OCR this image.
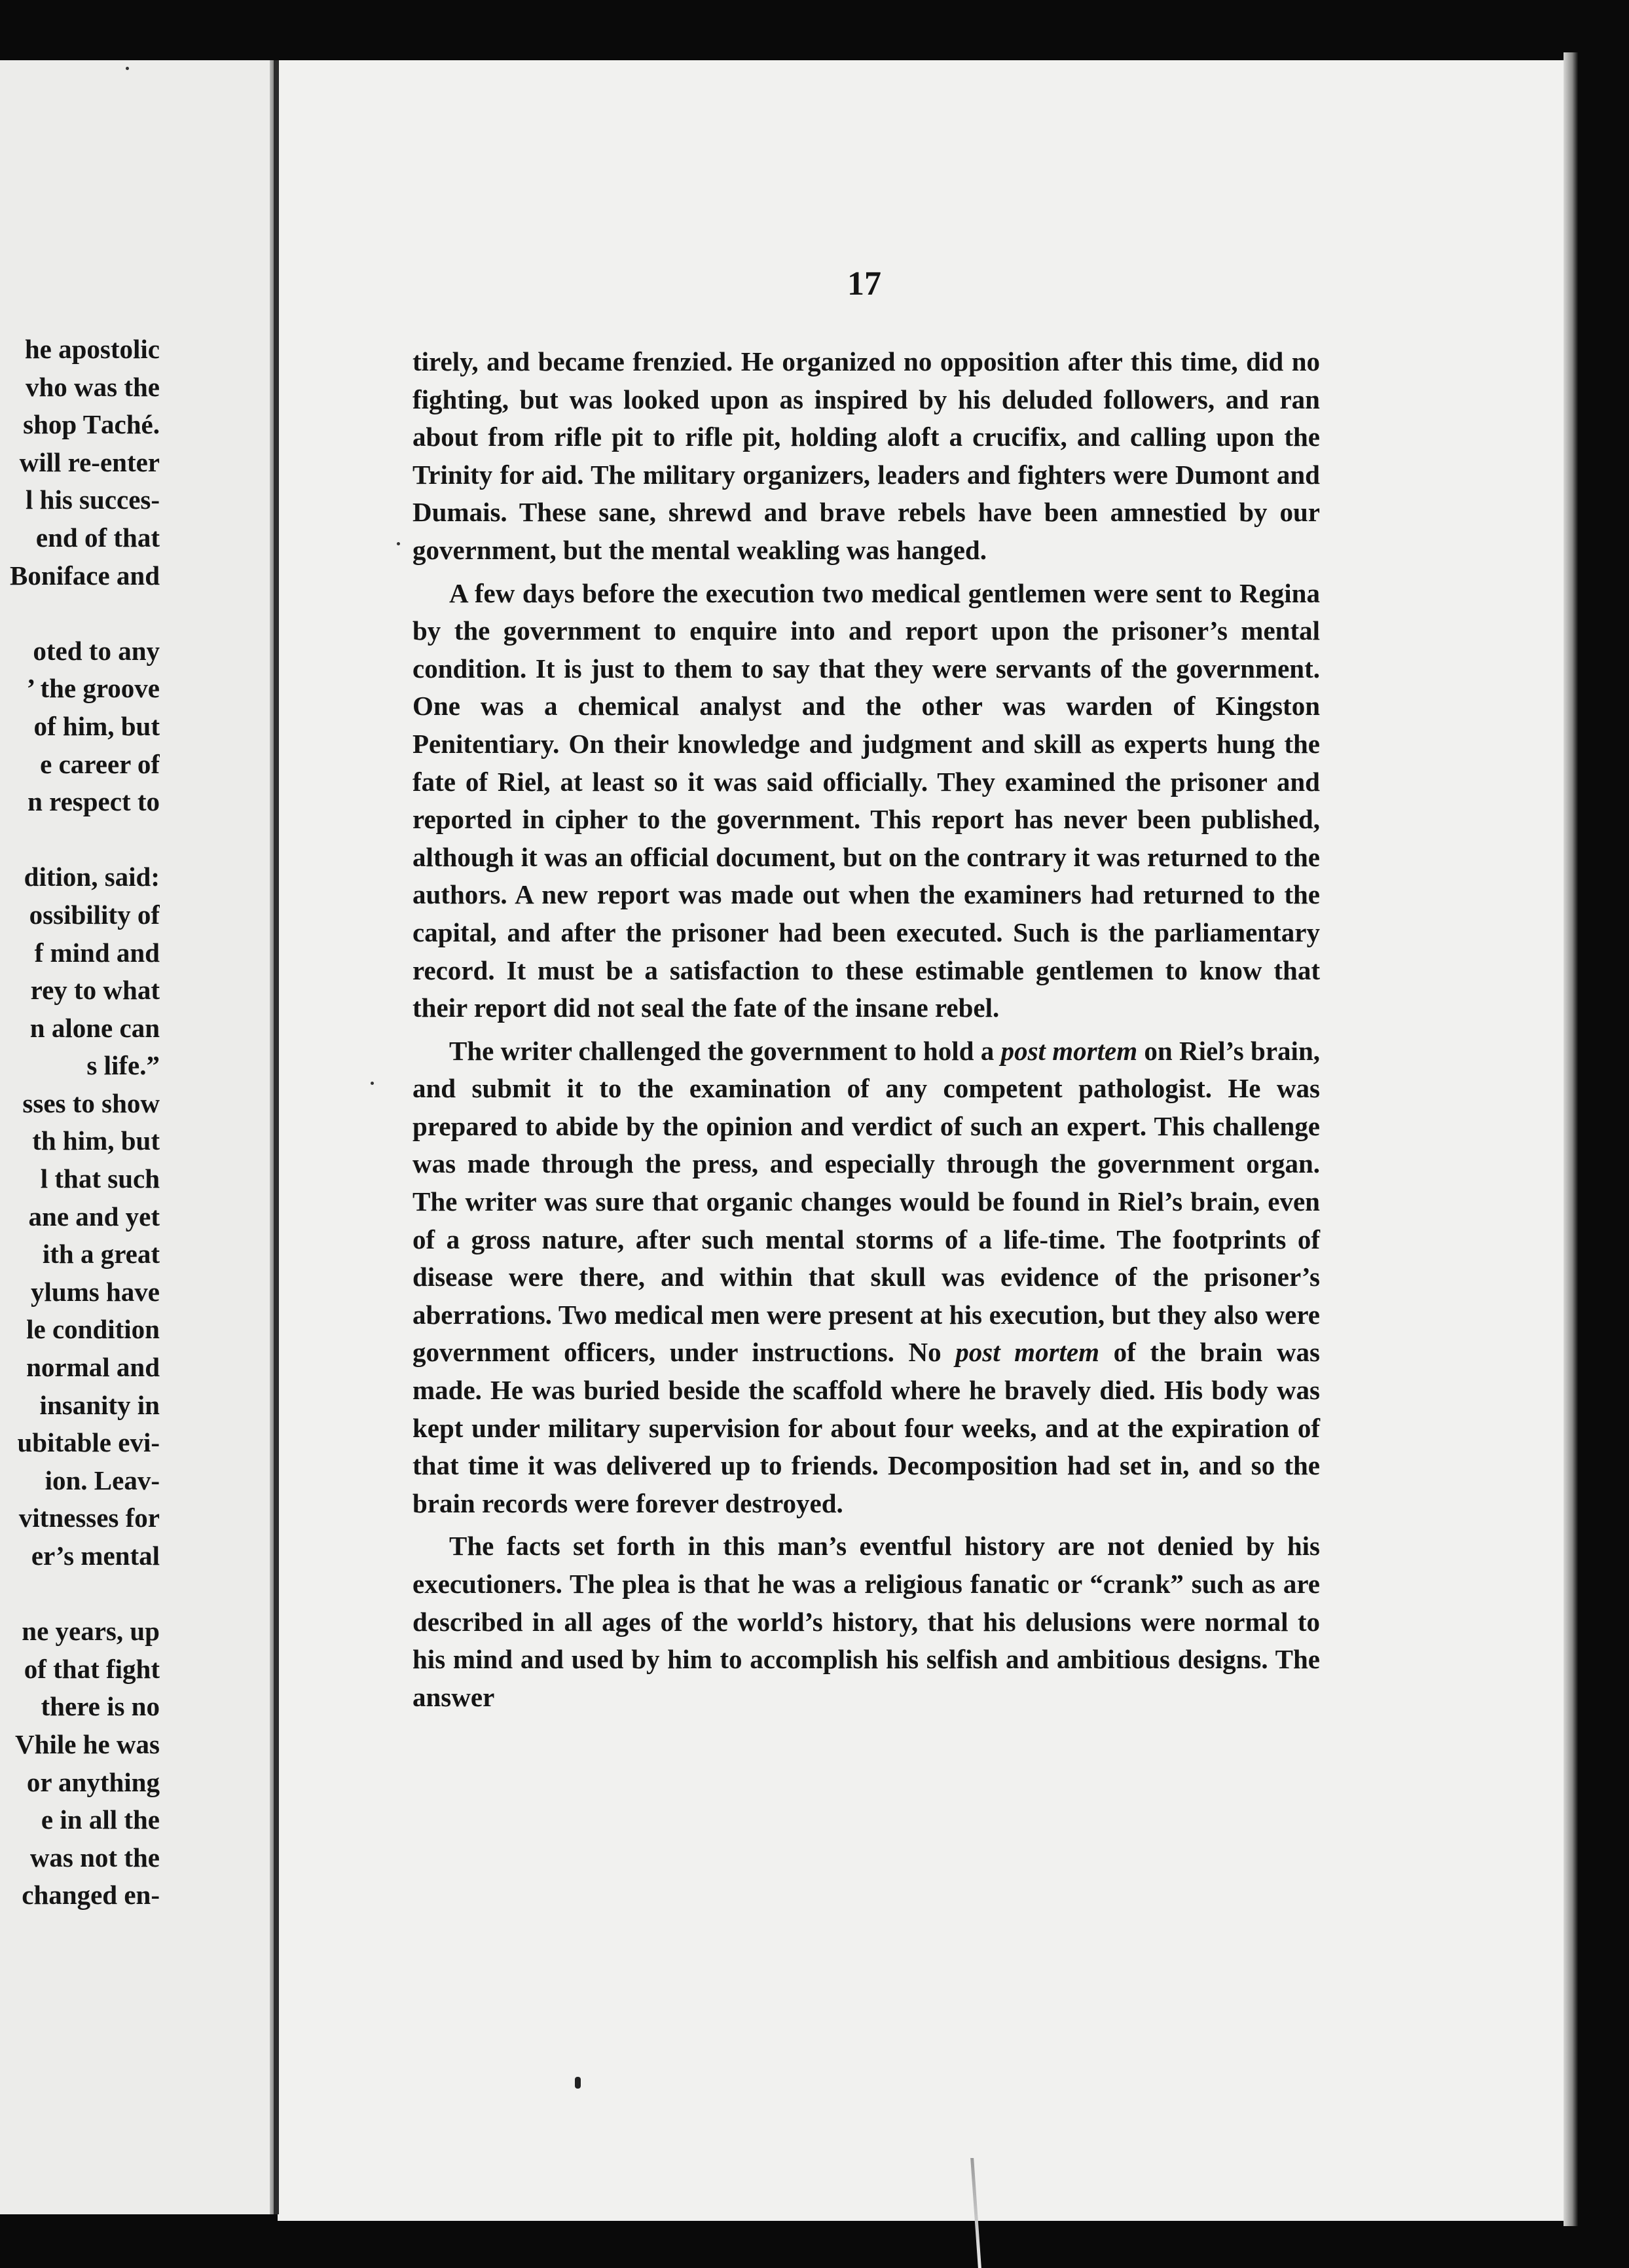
he apostolic
vho was the
shop Tаché.
will re-enter
l his succes-
end of that
Boniface and

oted to any
’ the groove
of him, but
e career of
n respect to

dition, said:
ossibility of
f mind and
rey to what
n alone can
s life.”
sses to show
th him, but
l that such
ane and yet
ith a great
ylums have
le condition
normal and
insanity in
ubitable evi-
ion. Leav-
vitnesses for
er’s mental

ne years, up
of that fight
there is no
Vhile he was
or anything
e in all the
was not the
changed en-
17

tirely, and became frenzied. He organized no opposition after this time, did no fighting, but was looked upon as inspired by his deluded followers, and ran about from rifle pit to rifle pit, holding aloft a crucifix, and calling upon the Trinity for aid. The military organizers, leaders and fighters were Dumont and Dumais. These sane, shrewd and brave rebels have been amnestied by our government, but the mental weakling was hanged.

A few days before the execution two medical gentlemen were sent to Regina by the government to enquire into and report upon the prisoner’s mental condition. It is just to them to say that they were servants of the government. One was a chemical analyst and the other was warden of Kingston Penitentiary. On their knowledge and judgment and skill as experts hung the fate of Riel, at least so it was said officially. They examined the prisoner and reported in cipher to the government. This report has never been published, although it was an official document, but on the contrary it was returned to the authors. A new report was made out when the examiners had returned to the capital, and after the prisoner had been executed. Such is the parliamentary record. It must be a satisfaction to these estimable gentlemen to know that their report did not seal the fate of the insane rebel.

The writer challenged the government to hold a post mortem on Riel’s brain, and submit it to the examination of any competent pathologist. He was prepared to abide by the opinion and verdict of such an expert. This challenge was made through the press, and especially through the government organ. The writer was sure that organic changes would be found in Riel’s brain, even of a gross nature, after such mental storms of a life-time. The footprints of disease were there, and within that skull was evidence of the prisoner’s aberrations. Two medical men were present at his execution, but they also were government officers, under instructions. No post mortem of the brain was made. He was buried beside the scaffold where he bravely died. His body was kept under military supervision for about four weeks, and at the expiration of that time it was delivered up to friends. Decomposition had set in, and so the brain records were forever destroyed.

The facts set forth in this man’s eventful history are not denied by his executioners. The plea is that he was a religious fanatic or “crank” such as are described in all ages of the world’s history, that his delusions were normal to his mind and used by him to accomplish his selfish and ambitious designs. The answer
